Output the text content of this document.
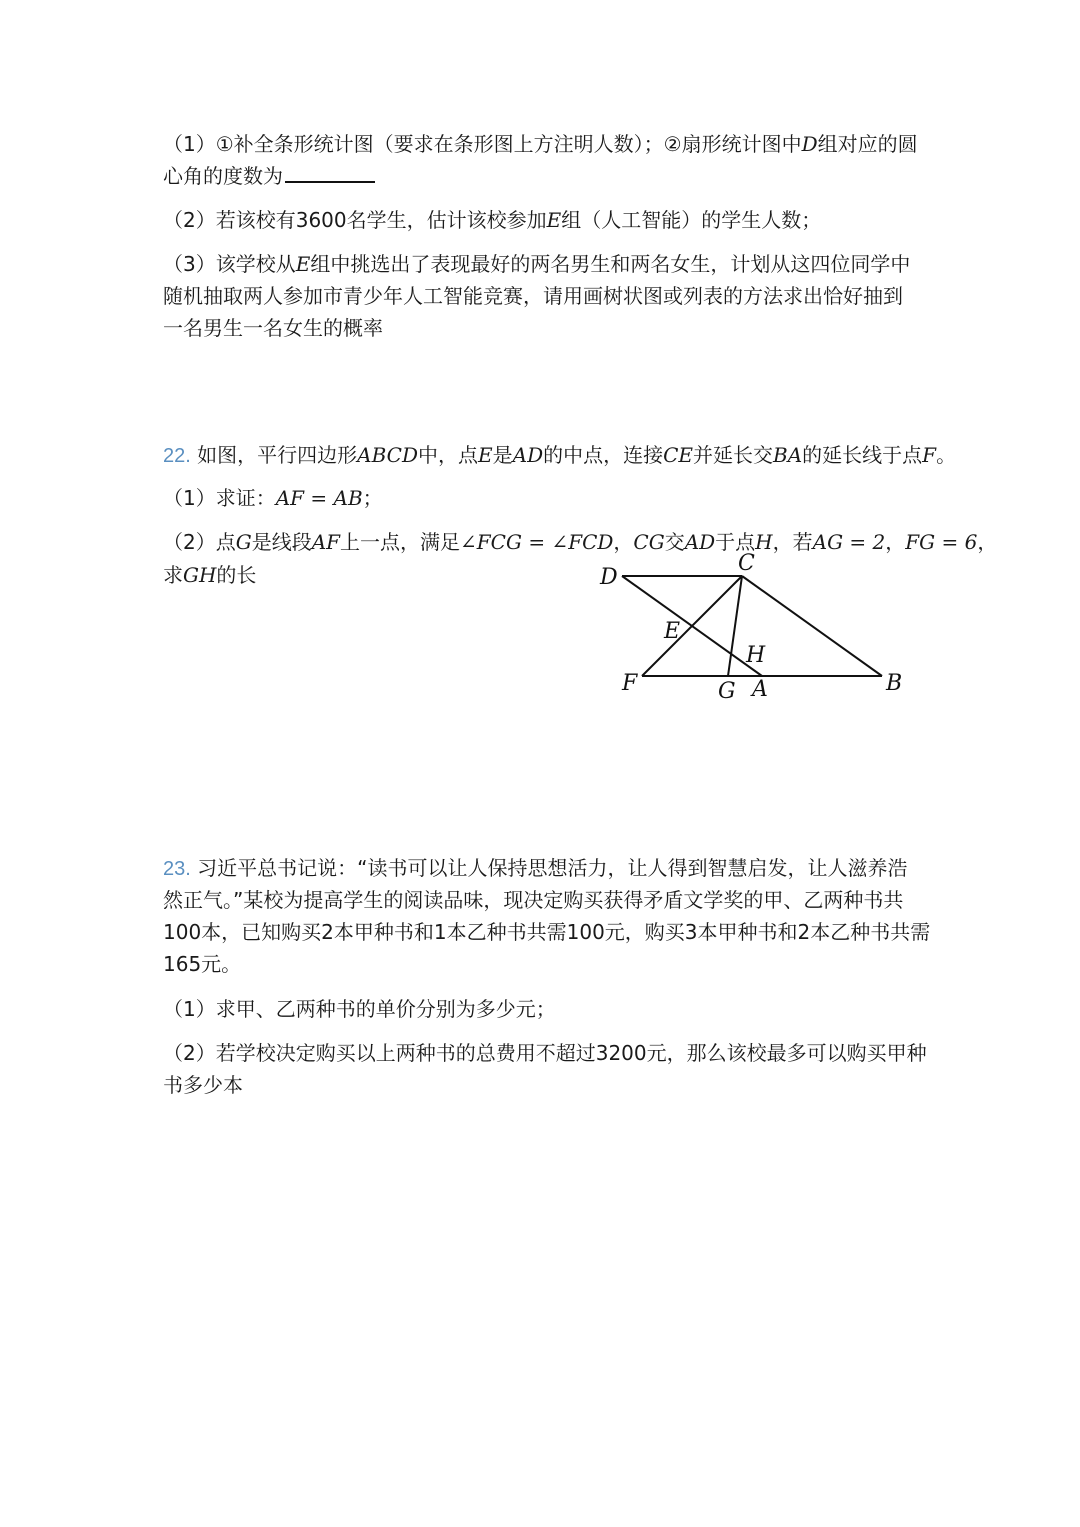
（1）①补全条形统计图（要求在条形图上方注明人数）；②扇形统计图中D组对应的圆
心角的度数为
（2）若该校有3600名学生，估计该校参加E组（人工智能）的学生人数；
（3）该学校从E组中挑选出了表现最好的两名男生和两名女生，计划从这四位同学中
随机抽取两人参加市青少年人工智能竞赛，请用画树状图或列表的方法求出恰好抽到
一名男生一名女生的概率
22. 如图，平行四边形ABCD中，点E是AD的中点，连接CE并延长交BA的延长线于点F。
（1）求证：AF = AB；
（2）点G是线段AF上一点，满足∠FCG = ∠FCD，CG交AD于点H，若AG = 2，FG = 6，
求GH的长	D
C
E
H
F	G A	B
23. 习近平总书记说：“读书可以让人保持思想活力，让人得到智慧启发，让人滋养浩
然正气。”某校为提高学生的阅读品味，现决定购买获得矛盾文学奖的甲、乙两种书共
100本，已知购买2本甲种书和1本乙种书共需100元，购买3本甲种书和2本乙种书共需
165元。
（1）求甲、乙两种书的单价分别为多少元；
（2）若学校决定购买以上两种书的总费用不超过3200元，那么该校最多可以购买甲种
书多少本
